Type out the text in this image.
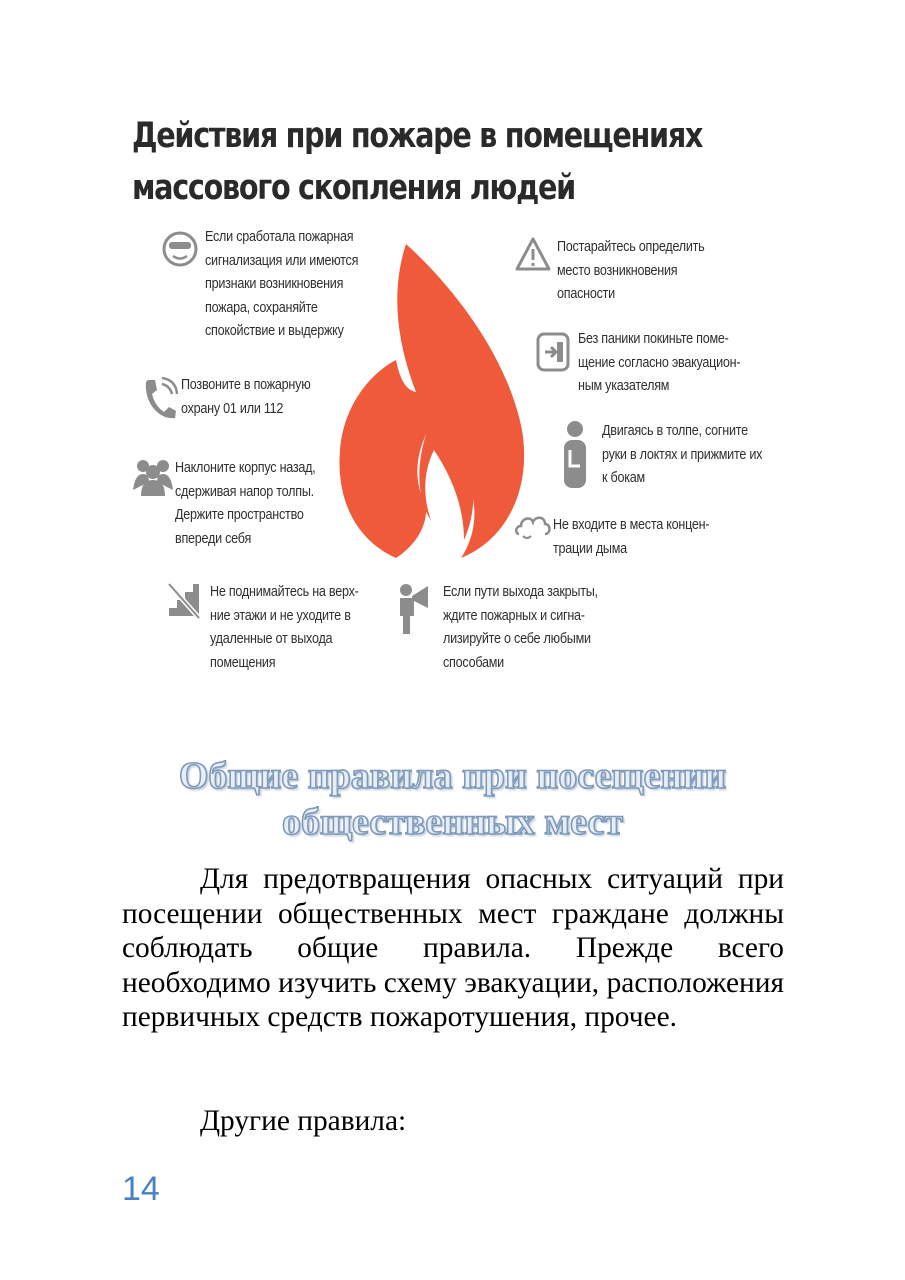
Действия при пожаре в помещениях
массового скопления людей
Если сработала пожарная
сигнализация или имеются
признаки возникновения
пожара, сохраняйте
спокойствие и выдержку
Позвоните в пожарную
охрану 01 или 112
Наклоните корпус назад,
сдерживая напор толпы.
Держите пространство
впереди себя
Не поднимайтесь на верх-
ние этажи и не уходите в
удаленные от выхода
помещения
Если пути выхода закрыты,
ждите пожарных и сигна-
лизируйте о себе любыми
способами
Постарайтесь определить
место возникновения
опасности
Без паники покиньте поме-
щение согласно эвакуацион-
ным указателям
Двигаясь в толпе, согните
руки в локтях и прижмите их
к бокам
Не входите в места концен-
трации дыма
Общие правила при посещении
общественных мест
Для предотвращения опасных ситуаций при посещении общественных мест граждане должны соблюдать общие правила. Прежде всего необходимо изучить схему эвакуации, расположения первичных средств пожаротушения, прочее.
Другие правила:
14
